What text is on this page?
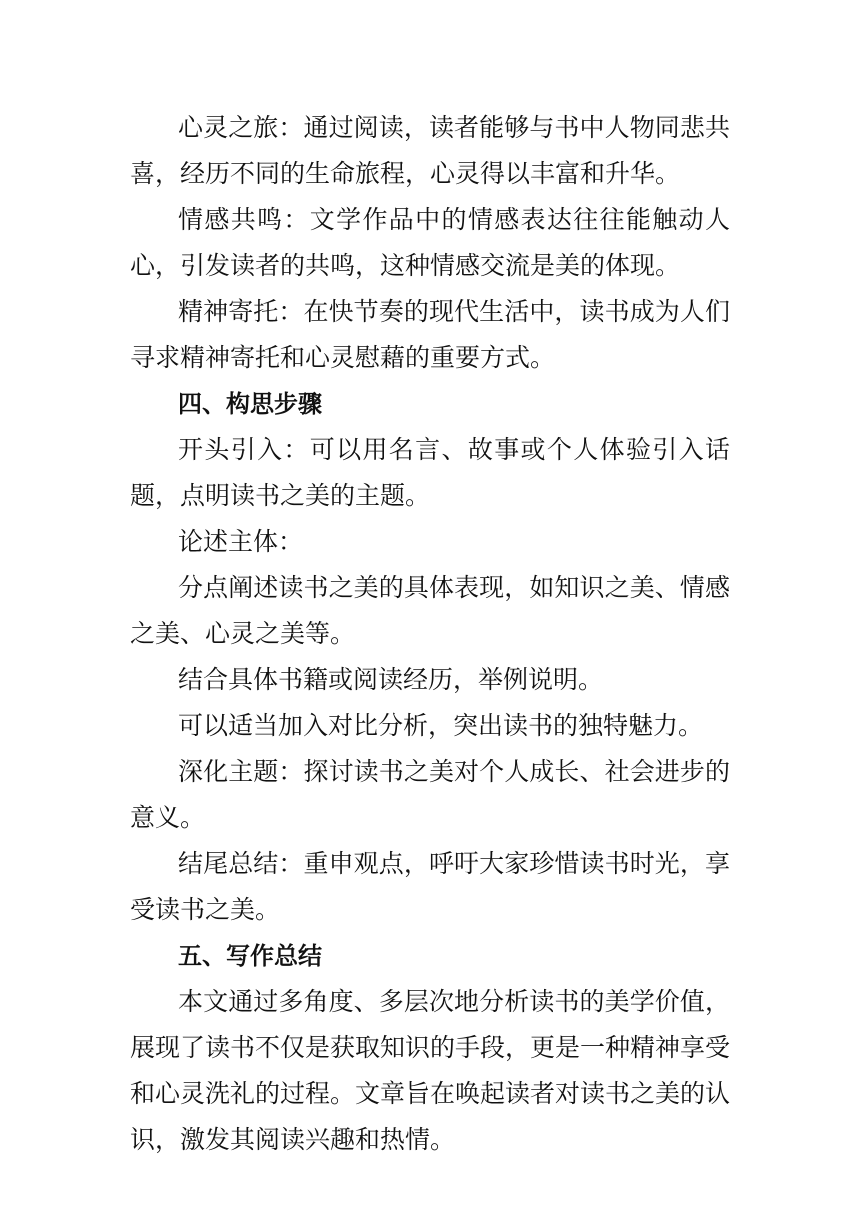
心灵之旅：通过阅读，读者能够与书中人物同悲共喜，经历不同的生命旅程，心灵得以丰富和升华。

情感共鸣：文学作品中的情感表达往往能触动人心，引发读者的共鸣，这种情感交流是美的体现。

精神寄托：在快节奏的现代生活中，读书成为人们寻求精神寄托和心灵慰藉的重要方式。

四、构思步骤

开头引入：可以用名言、故事或个人体验引入话题，点明读书之美的主题。

论述主体：

分点阐述读书之美的具体表现，如知识之美、情感之美、心灵之美等。

结合具体书籍或阅读经历，举例说明。

可以适当加入对比分析，突出读书的独特魅力。

深化主题：探讨读书之美对个人成长、社会进步的意义。

结尾总结：重申观点，呼吁大家珍惜读书时光，享受读书之美。

五、写作总结

本文通过多角度、多层次地分析读书的美学价值，展现了读书不仅是获取知识的手段，更是一种精神享受和心灵洗礼的过程。文章旨在唤起读者对读书之美的认识，激发其阅读兴趣和热情。
